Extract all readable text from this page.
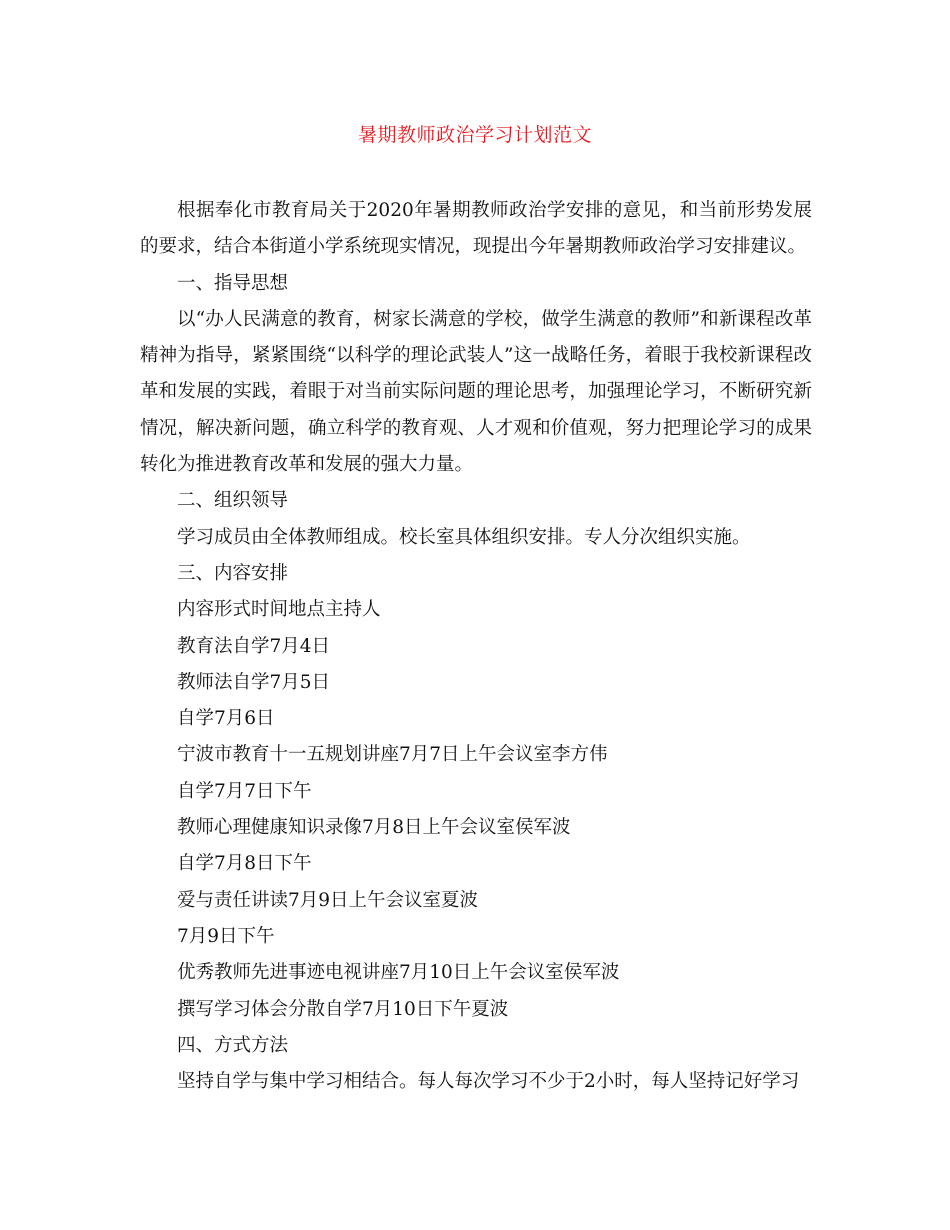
暑期教师政治学习计划范文

根据奉化市教育局关于2020年暑期教师政治学安排的意见，和当前形势发展的要求，结合本街道小学系统现实情况，现提出今年暑期教师政治学习安排建议。

一、指导思想

以“办人民满意的教育，树家长满意的学校，做学生满意的教师”和新课程改革精神为指导，紧紧围绕“以科学的理论武装人”这一战略任务，着眼于我校新课程改革和发展的实践，着眼于对当前实际问题的理论思考，加强理论学习，不断研究新情况，解决新问题，确立科学的教育观、人才观和价值观，努力把理论学习的成果转化为推进教育改革和发展的强大力量。

二、组织领导

学习成员由全体教师组成。校长室具体组织安排。专人分次组织实施。

三、内容安排

内容形式时间地点主持人

教育法自学7月4日

教师法自学7月5日

自学7月6日

宁波市教育十一五规划讲座7月7日上午会议室李方伟

自学7月7日下午

教师心理健康知识录像7月8日上午会议室侯军波

自学7月8日下午

爱与责任讲读7月9日上午会议室夏波

7月9日下午

优秀教师先进事迹电视讲座7月10日上午会议室侯军波

撰写学习体会分散自学7月10日下午夏波

四、方式方法

坚持自学与集中学习相结合。每人每次学习不少于2小时，每人坚持记好学习
